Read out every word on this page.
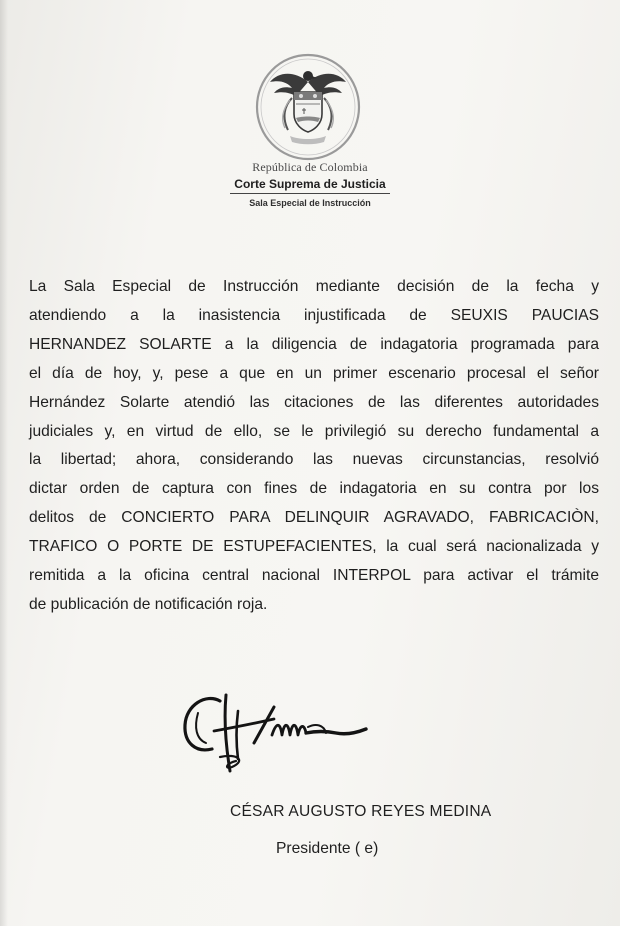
República de Colombia
Corte Suprema de Justicia
Sala Especial de Instrucción
La Sala Especial de Instrucción mediante decisión de la fecha y
atendiendo a la inasistencia injustificada de SEUXIS PAUCIAS
HERNANDEZ SOLARTE a la diligencia de indagatoria programada para
el día de hoy, y, pese a que en un primer escenario procesal el señor
Hernández Solarte atendió las citaciones de las diferentes autoridades
judiciales y, en virtud de ello, se le privilegió su derecho fundamental a
la libertad; ahora, considerando las nuevas circunstancias, resolvió
dictar orden de captura con fines de indagatoria en su contra por los
delitos de CONCIERTO PARA DELINQUIR AGRAVADO, FABRICACIÒN,
TRAFICO O PORTE DE ESTUPEFACIENTES, la cual será nacionalizada y
remitida a la oficina central nacional INTERPOL para activar el trámite
de publicación de notificación roja.
CÉSAR AUGUSTO REYES MEDINA
Presidente ( e)
